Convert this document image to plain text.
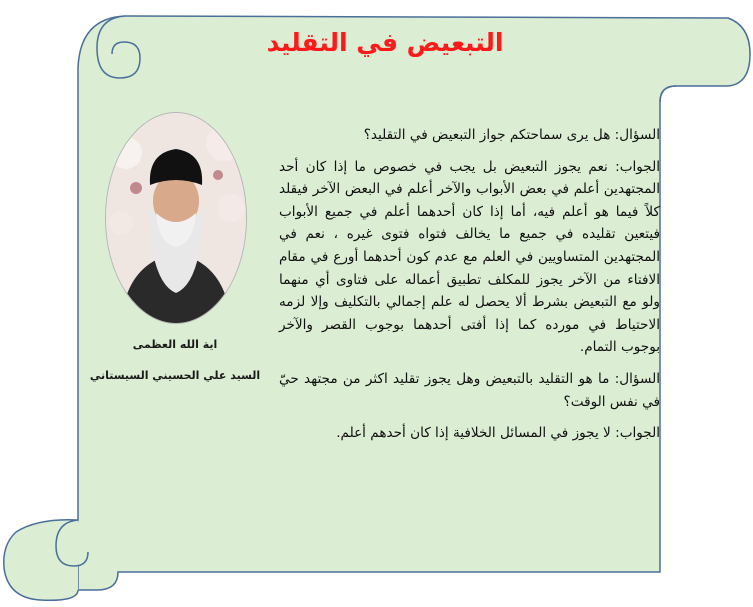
التبعيض في التقليد
اية الله العظمى
السيد علي الحسيني السيستاني

السؤال: هل يرى سماحتكم جواز التبعيض في التقليد؟

الجواب: نعم يجوز التبعيض بل يجب في خصوص ما إذا كان أحد المجتهدين أعلم في بعض الأبواب والآخر أعلم في البعض الآخر فيقلد كلاً فيما هو أعلم فيه، أما إذا كان أحدهما أعلم في جميع الأبواب فيتعين تقليده في جميع ما يخالف فتواه فتوى غيره ، نعم في المجتهدين المتساويين في العلم مع عدم كون أحدهما أورع في مقام الافتاء من الآخر يجوز للمكلف تطبيق أعماله على فتاوى أي منهما ولو مع التبعيض بشرط ألا يحصل له علم إجمالي بالتكليف وإلا لزمه الاحتياط في مورده كما إذا أفتى أحدهما بوجوب القصر والآخر بوجوب التمام.

السؤال: ما هو التقليد بالتبعيض وهل يجوز تقليد اكثر من مجتهد حيّ في نفس الوقت؟

الجواب: لا يجوز في المسائل الخلافية إذا كان أحدهم أعلم.
